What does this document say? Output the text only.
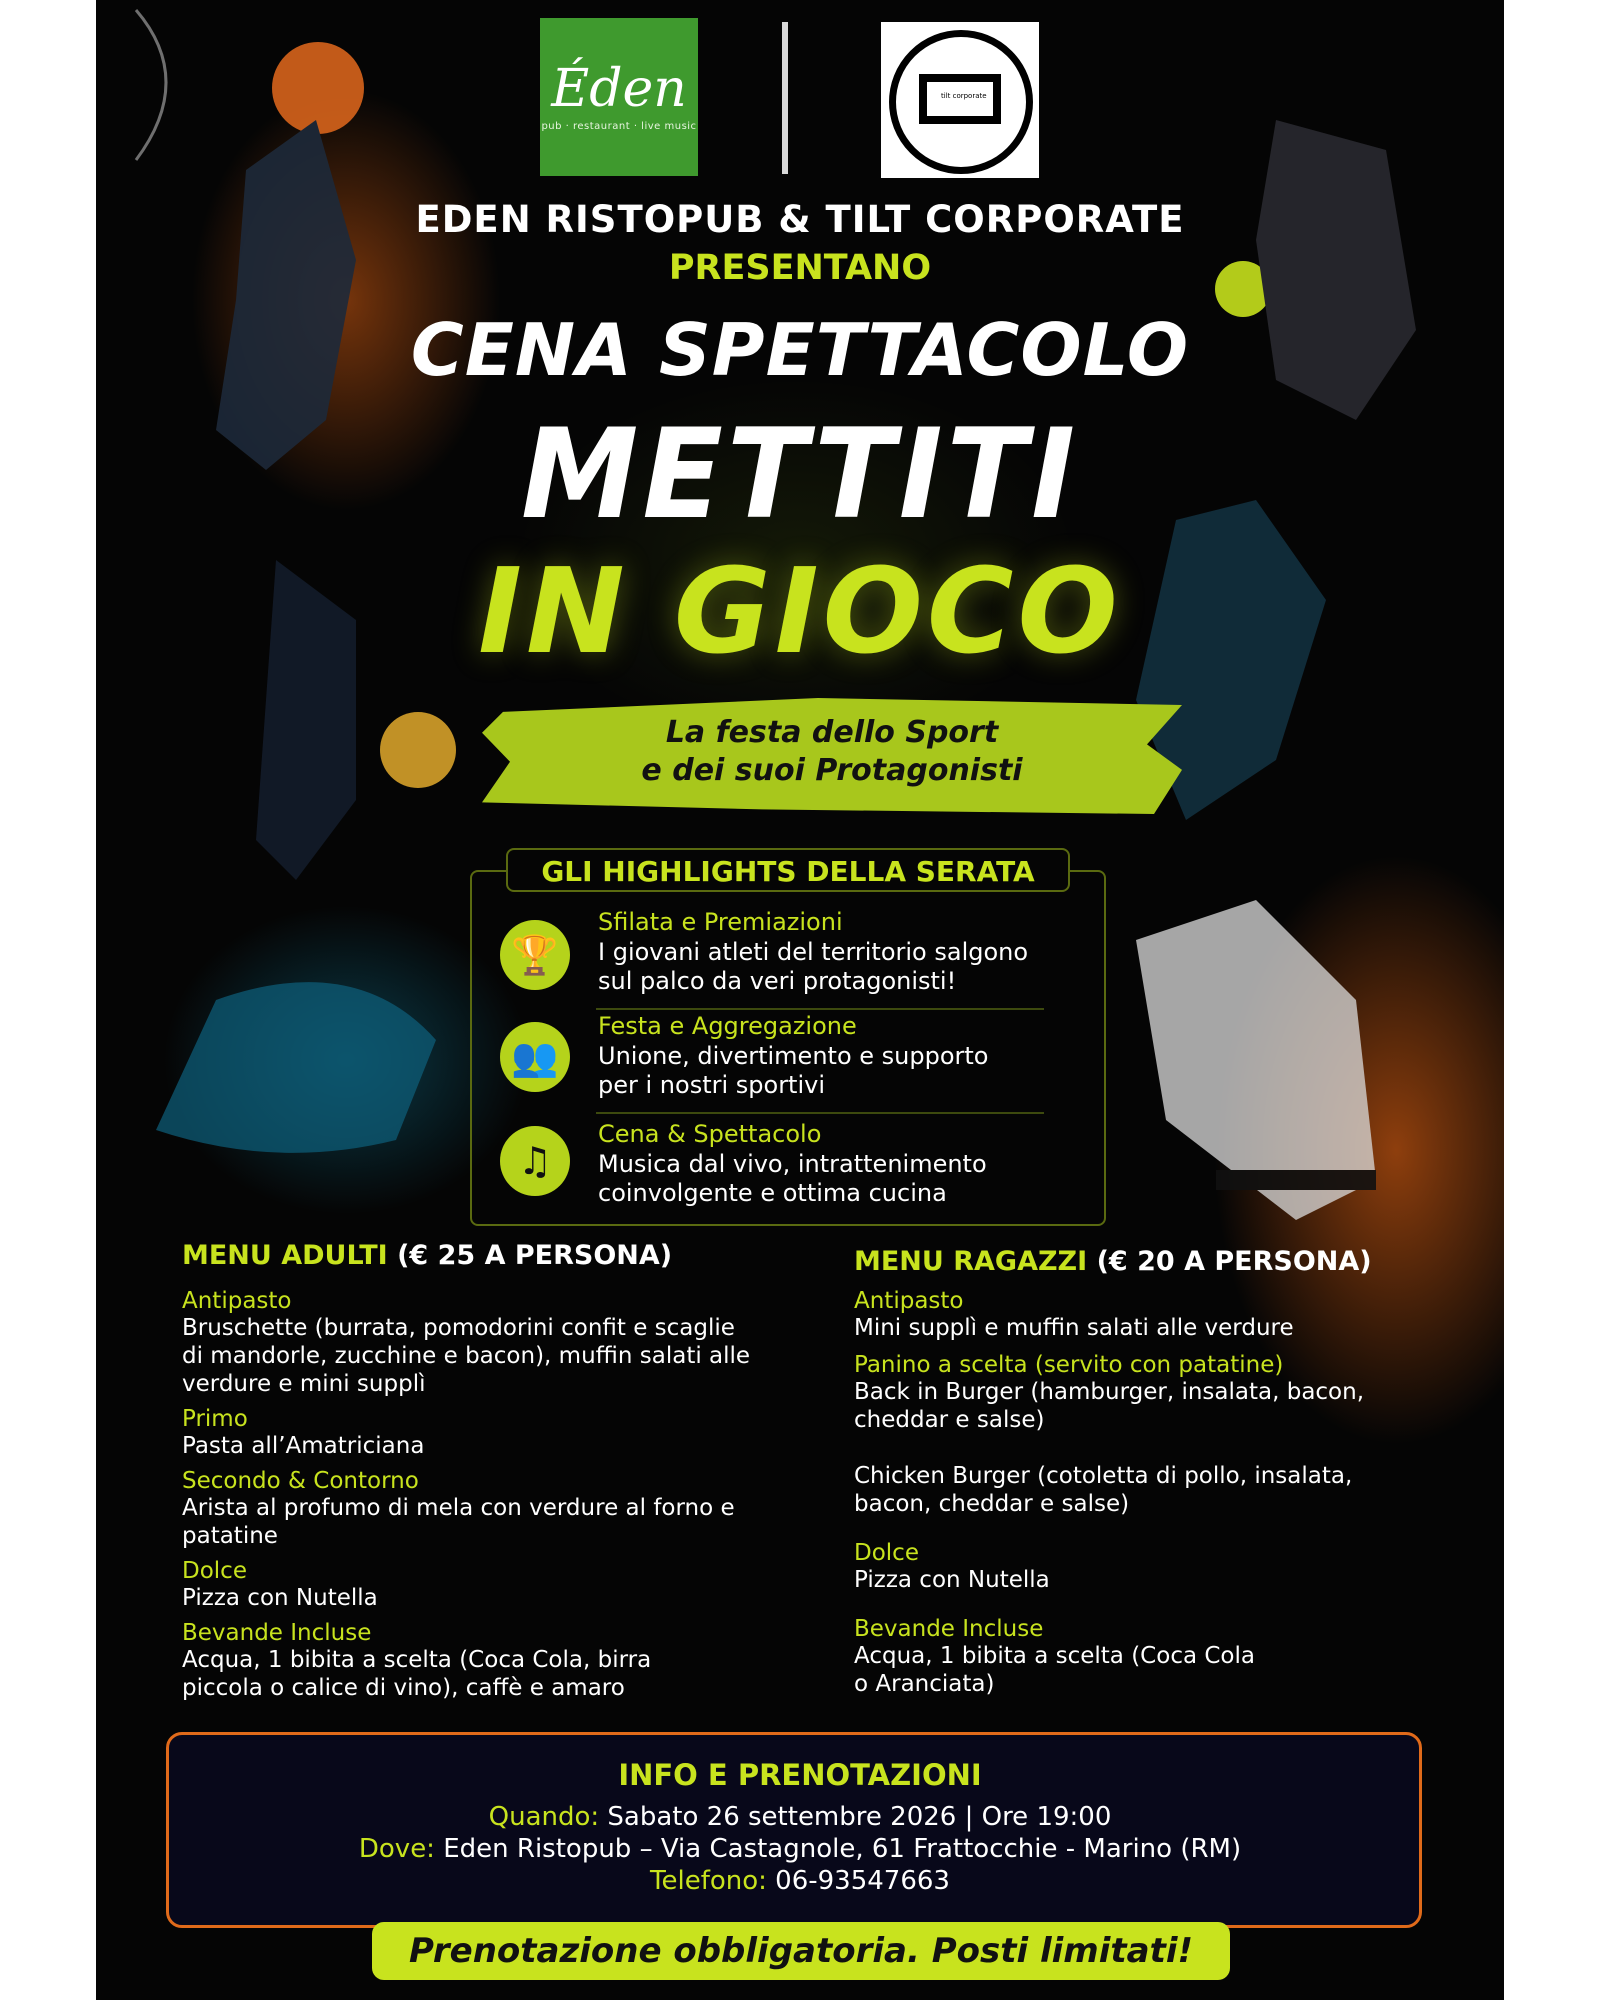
Éden
pub · restaurant · live music
tilt corporate
EDEN RISTOPUB & TILT CORPORATE
PRESENTANO
CENA SPETTACOLO
METTITI
IN GIOCO
La festa dello Sport
e dei suoi Protagonisti
GLI HIGHLIGHTS DELLA SERATA
🏆
Sfilata e Premiazioni
I giovani atleti del territorio salgono
sul palco da veri protagonisti!
👥
Festa e Aggregazione
Unione, divertimento e supporto
per i nostri sportivi
♫
Cena & Spettacolo
Musica dal vivo, intrattenimento
coinvolgente e ottima cucina
MENU ADULTI (€ 25 A PERSONA)
Antipasto
Bruschette (burrata, pomodorini confit e scaglie
di mandorle, zucchine e bacon), muffin salati alle
verdure e mini supplì
Primo
Pasta all’Amatriciana
Secondo & Contorno
Arista al profumo di mela con verdure al forno e
patatine
Dolce
Pizza con Nutella
Bevande Incluse
Acqua, 1 bibita a scelta (Coca Cola, birra
piccola o calice di vino), caffè e amaro
MENU RAGAZZI (€ 20 A PERSONA)
Antipasto
Mini supplì e muffin salati alle verdure
Panino a scelta (servito con patatine)
Back in Burger (hamburger, insalata, bacon,
cheddar e salse)
Chicken Burger (cotoletta di pollo, insalata,
bacon, cheddar e salse)
Dolce
Pizza con Nutella
Bevande Incluse
Acqua, 1 bibita a scelta (Coca Cola
o Aranciata)
INFO E PRENOTAZIONI
Quando: Sabato 26 settembre 2026 | Ore 19:00
Dove: Eden Ristopub – Via Castagnole, 61 Frattocchie - Marino (RM)
Telefono: 06-93547663
Prenotazione obbligatoria. Posti limitati!
